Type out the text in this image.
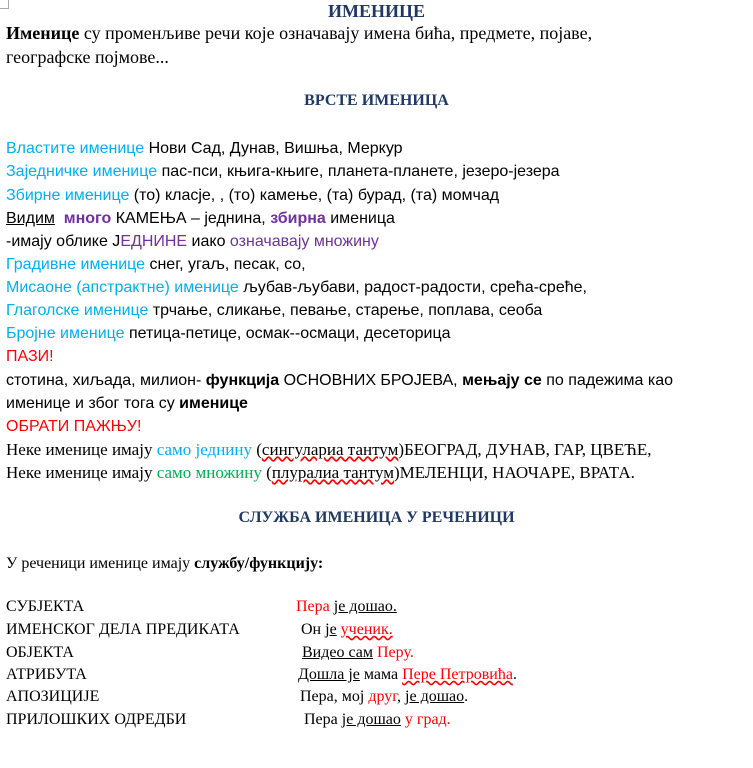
ИМЕНИЦЕ
Именице су променљиве речи које означавају имена бића, предмете, појаве,
географске појмове...
ВРСТЕ ИМЕНИЦА
Властите именице Нови Сад, Дунав, Вишња, Меркур
Заједничке именице пас-пси, књига-књиге, планета-планете, језеро-језера
Збирне именице (то) класје, , (то) камење, (та) бурад, (та) момчад
Видим много КАМЕЊА – једнина, збирна именица
-имају облике ЈЕДНИНЕ иако означавају множину
Градивне именице снег, угаљ, песак, со,
Мисаоне (апстрактне) именице љубав-љубави, радост-радости, срећа-среће,
Глаголске именице трчање, сликање, певање, старење, поплава, сеоба
Бројне именице петица-петице, осмак--осмаци, десеторица
ПАЗИ!
стотина, хиљада, милион- функција ОСНОВНИХ БРОЈЕВА, мењају се по падежима као
именице и због тога су именице
ОБРАТИ ПАЖЊУ!
Неке именице имају само једнину (сингулариа тантум)БЕОГРАД, ДУНАВ, ГАР, ЦВЕЋЕ,
Неке именице имају само множину (плуралиа тантум)МЕЛЕНЦИ, НАОЧАРЕ, ВРАТА.
СЛУЖБА ИМЕНИЦА У РЕЧЕНИЦИ
У реченици именице имају службу/функцију:
СУБЈЕКТА	Пера је дошао.
ИМЕНСКОГ ДЕЛА ПРЕДИКАТА	Он је ученик.
ОБЈЕКТА	Видео сам Перу.
АТРИБУТА	Дошла је мама Пере Петровића.
АПОЗИЦИЈЕ	Пера, мој друг, је дошао.
ПРИЛОШКИХ ОДРЕДБИ	Пера је дошао у град.
